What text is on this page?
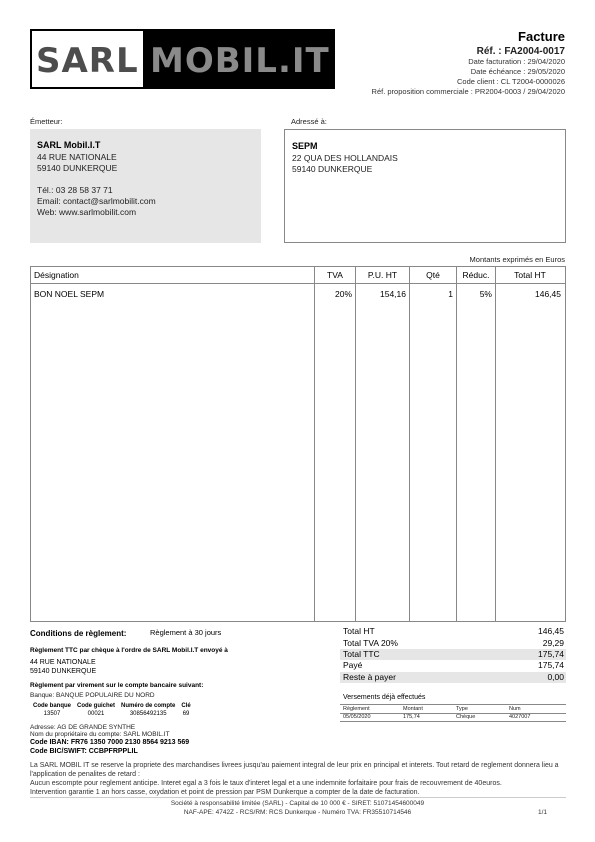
SARL MOBIL.IT
Facture
Réf. : FA2004-0017
Date facturation : 29/04/2020
Date échéance : 29/05/2020
Code client : CL T2004-0000026
Réf. proposition commerciale : PR2004-0003 / 29/04/2020
Émetteur:
SARL Mobil.I.T
44 RUE NATIONALE
59140 DUNKERQUE
Tél.: 03 28 58 37 71
Email: contact@sarlmobilit.com
Web: www.sarlmobilit.com
Adressé à:
SEPM
22 QUA DES HOLLANDAIS
59140 DUNKERQUE
Montants exprimés en Euros
Désignation	TVA	P.U. HT	Qté	Réduc.	Total HT
BON NOEL SEPM	20%	154,16	1	5%	146,45
Conditions de règlement:	Règlement à 30 jours
Règlement TTC par chèque à l'ordre de SARL Mobil.I.T envoyé à
44 RUE NATIONALE
59140 DUNKERQUE
Règlement par virement sur le compte bancaire suivant:
Banque: BANQUE POPULAIRE DU NORD
Code banque	Code guichet	Numéro de compte	Clé
13507	00021	30856492135	69
Adresse: AG DE GRANDE SYNTHE
Nom du propriétaire du compte: SARL MOBIL.IT
Code IBAN: FR76 1350 7000 2130 8564 9213 569
Code BIC/SWIFT: CCBPFRPPLIL
Total HT	146,45
Total TVA 20%	29,29
Total TTC	175,74
Payé	175,74
Reste à payer	0,00
Versements déjà effectués
Règlement	Montant	Type	Num
05/05/2020	175,74	Chèque	4027007
La SARL MOBIL IT se reserve la propriete des marchandises livrees jusqu'au paiement integral de leur prix en principal et interets. Tout retard de reglement donnera lieu a
l'application de penalites de retard :
Aucun escompte pour reglement anticipe. Interet egal a 3 fois le taux d'interet legal et a une indemnite forfaitaire pour frais de recouvrement de 40euros.
Intervention garantie 1 an hors casse, oxydation et point de pression par PSM Dunkerque a compter de la date de facturation.
Société à responsabilité limitée (SARL) - Capital de 10 000 € - SIRET: 51071454600049
NAF-APE: 4742Z - RCS/RM: RCS Dunkerque - Numéro TVA: FR35510714546	1/1
